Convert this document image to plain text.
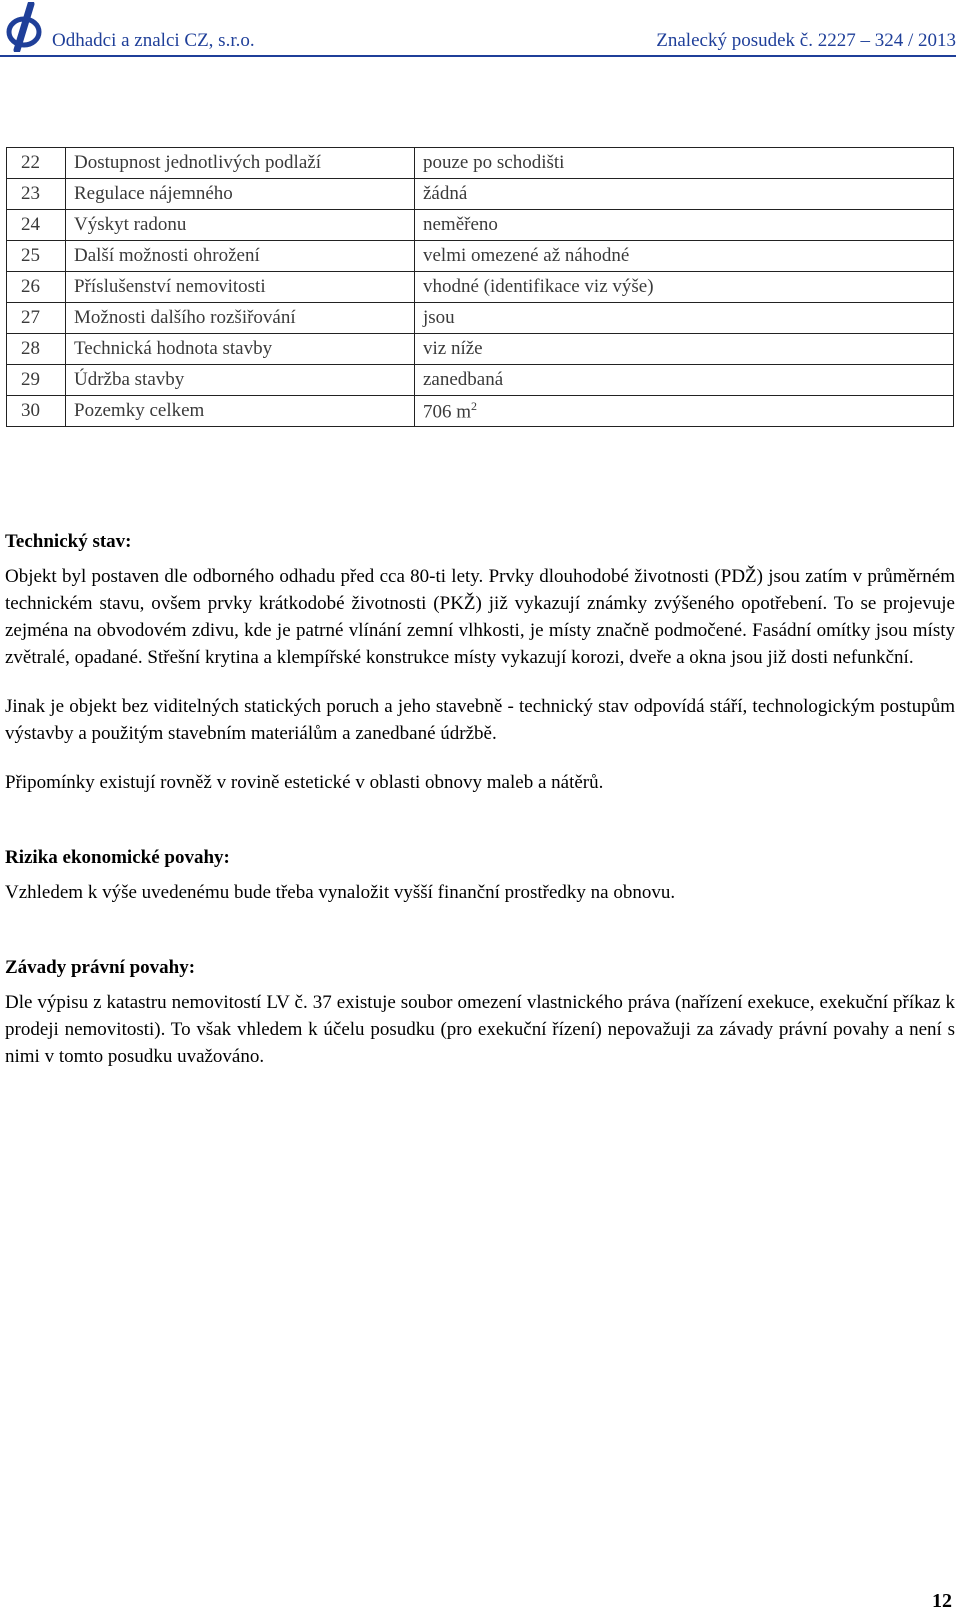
Odhadci a znalci CZ, s.r.o.	Znalecký posudek č. 2227 – 324 / 2013
22	Dostupnost jednotlivých podlaží	pouze po schodišti
23	Regulace nájemného	žádná
24	Výskyt radonu	neměřeno
25	Další možnosti ohrožení	velmi omezené až náhodné
26	Příslušenství nemovitosti	vhodné (identifikace viz výše)
27	Možnosti dalšího rozšiřování	jsou
28	Technická hodnota stavby	viz níže
29	Údržba stavby	zanedbaná
30	Pozemky celkem	706 $m^2$

Technický stav:

Objekt byl postaven dle odborného odhadu před cca 80-ti lety. Prvky dlouhodobé životnosti (PDŽ) jsou zatím v průměrném technickém stavu, ovšem prvky krátkodobé životnosti (PKŽ) již vykazují známky zvýšeného opotřebení. To se projevuje zejména na obvodovém zdivu, kde je patrné vlínání zemní vlhkosti, je místy značně podmočené. Fasádní omítky jsou místy zvětralé, opadané. Střešní krytina a klempířské konstrukce místy vykazují korozi, dveře a okna jsou již dosti nefunkční.

Jinak je objekt bez viditelných statických poruch a jeho stavebně - technický stav odpovídá stáří, technologickým postupům výstavby a použitým stavebním materiálům a zanedbané údržbě.

Připomínky existují rovněž v rovině estetické v oblasti obnovy maleb a nátěrů.

Rizika ekonomické povahy:

Vzhledem k výše uvedenému bude třeba vynaložit vyšší finanční prostředky na obnovu.

Závady právní povahy:

Dle výpisu z katastru nemovitostí LV č. 37 existuje soubor omezení vlastnického práva (nařízení exekuce, exekuční příkaz k prodeji nemovitosti). To však vhledem k účelu posudku (pro exekuční řízení) nepovažuji za závady právní povahy a není s nimi v tomto posudku uvažováno.

12
